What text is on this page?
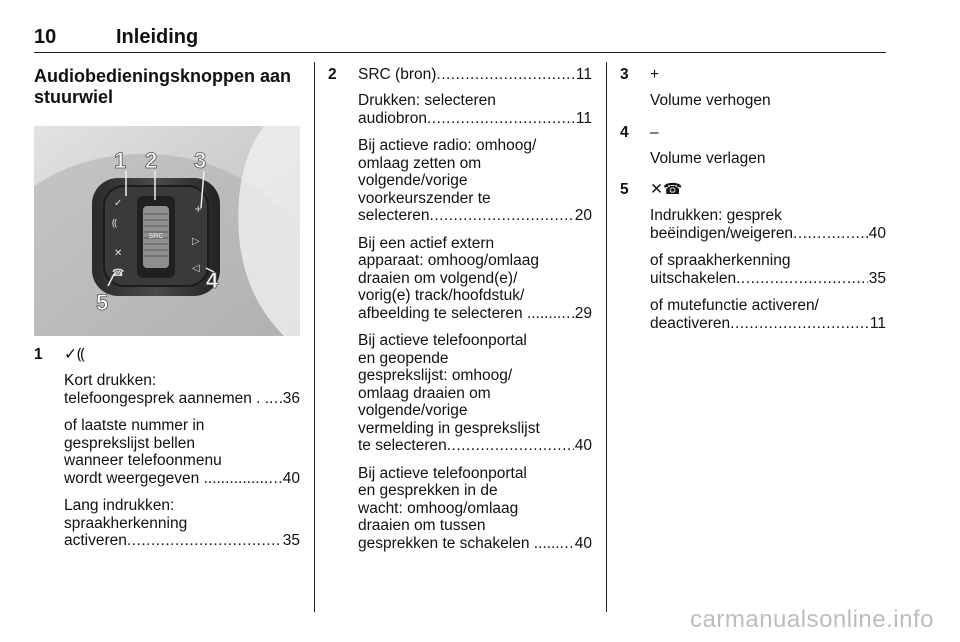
10	Inleiding
Audiobedieningsknoppen aan stuurwiel
SRC
✓
⸨
✕
☎
+
▷
◁
1 2 3
4
5
1 ✓⸨
Kort drukken:
telefoongesprek aannemen . . ..... 36
of laatste nummer in
gesprekslijst bellen
wanneer telefoonmenu
wordt weergegeven .............. ..... 40
Lang indrukken:
spraakherkenning
activeren .....	35
2 SRC (bron) .....	11
Drukken: selecteren
audiobron .....	11
Bij actieve radio: omhoog/
omlaag zetten om
volgende/vorige
voorkeurszender te
selecteren .....	20
Bij een actief extern
apparaat: omhoog/omlaag
draaien om volgend(e)/
vorig(e) track/hoofdstuk/
afbeelding te selecteren ........ ..... 29
Bij actieve telefoonportal
en geopende
gesprekslijst: omhoog/
omlaag draaien om
volgende/vorige
vermelding in gesprekslijst
te selecteren .....	40
Bij actieve telefoonportal
en gesprekken in de
wacht: omhoog/omlaag
draaien om tussen
gesprekken te schakelen ...... ..... 40
3 +
Volume verhogen
4 –
Volume verlagen
5 ✕☎
Indrukken: gesprek
beëindigen/weigeren .....	40
of spraakherkenning
uitschakelen .....	35
of mutefunctie activeren/
deactiveren .....	11
carmanualsonline.info
